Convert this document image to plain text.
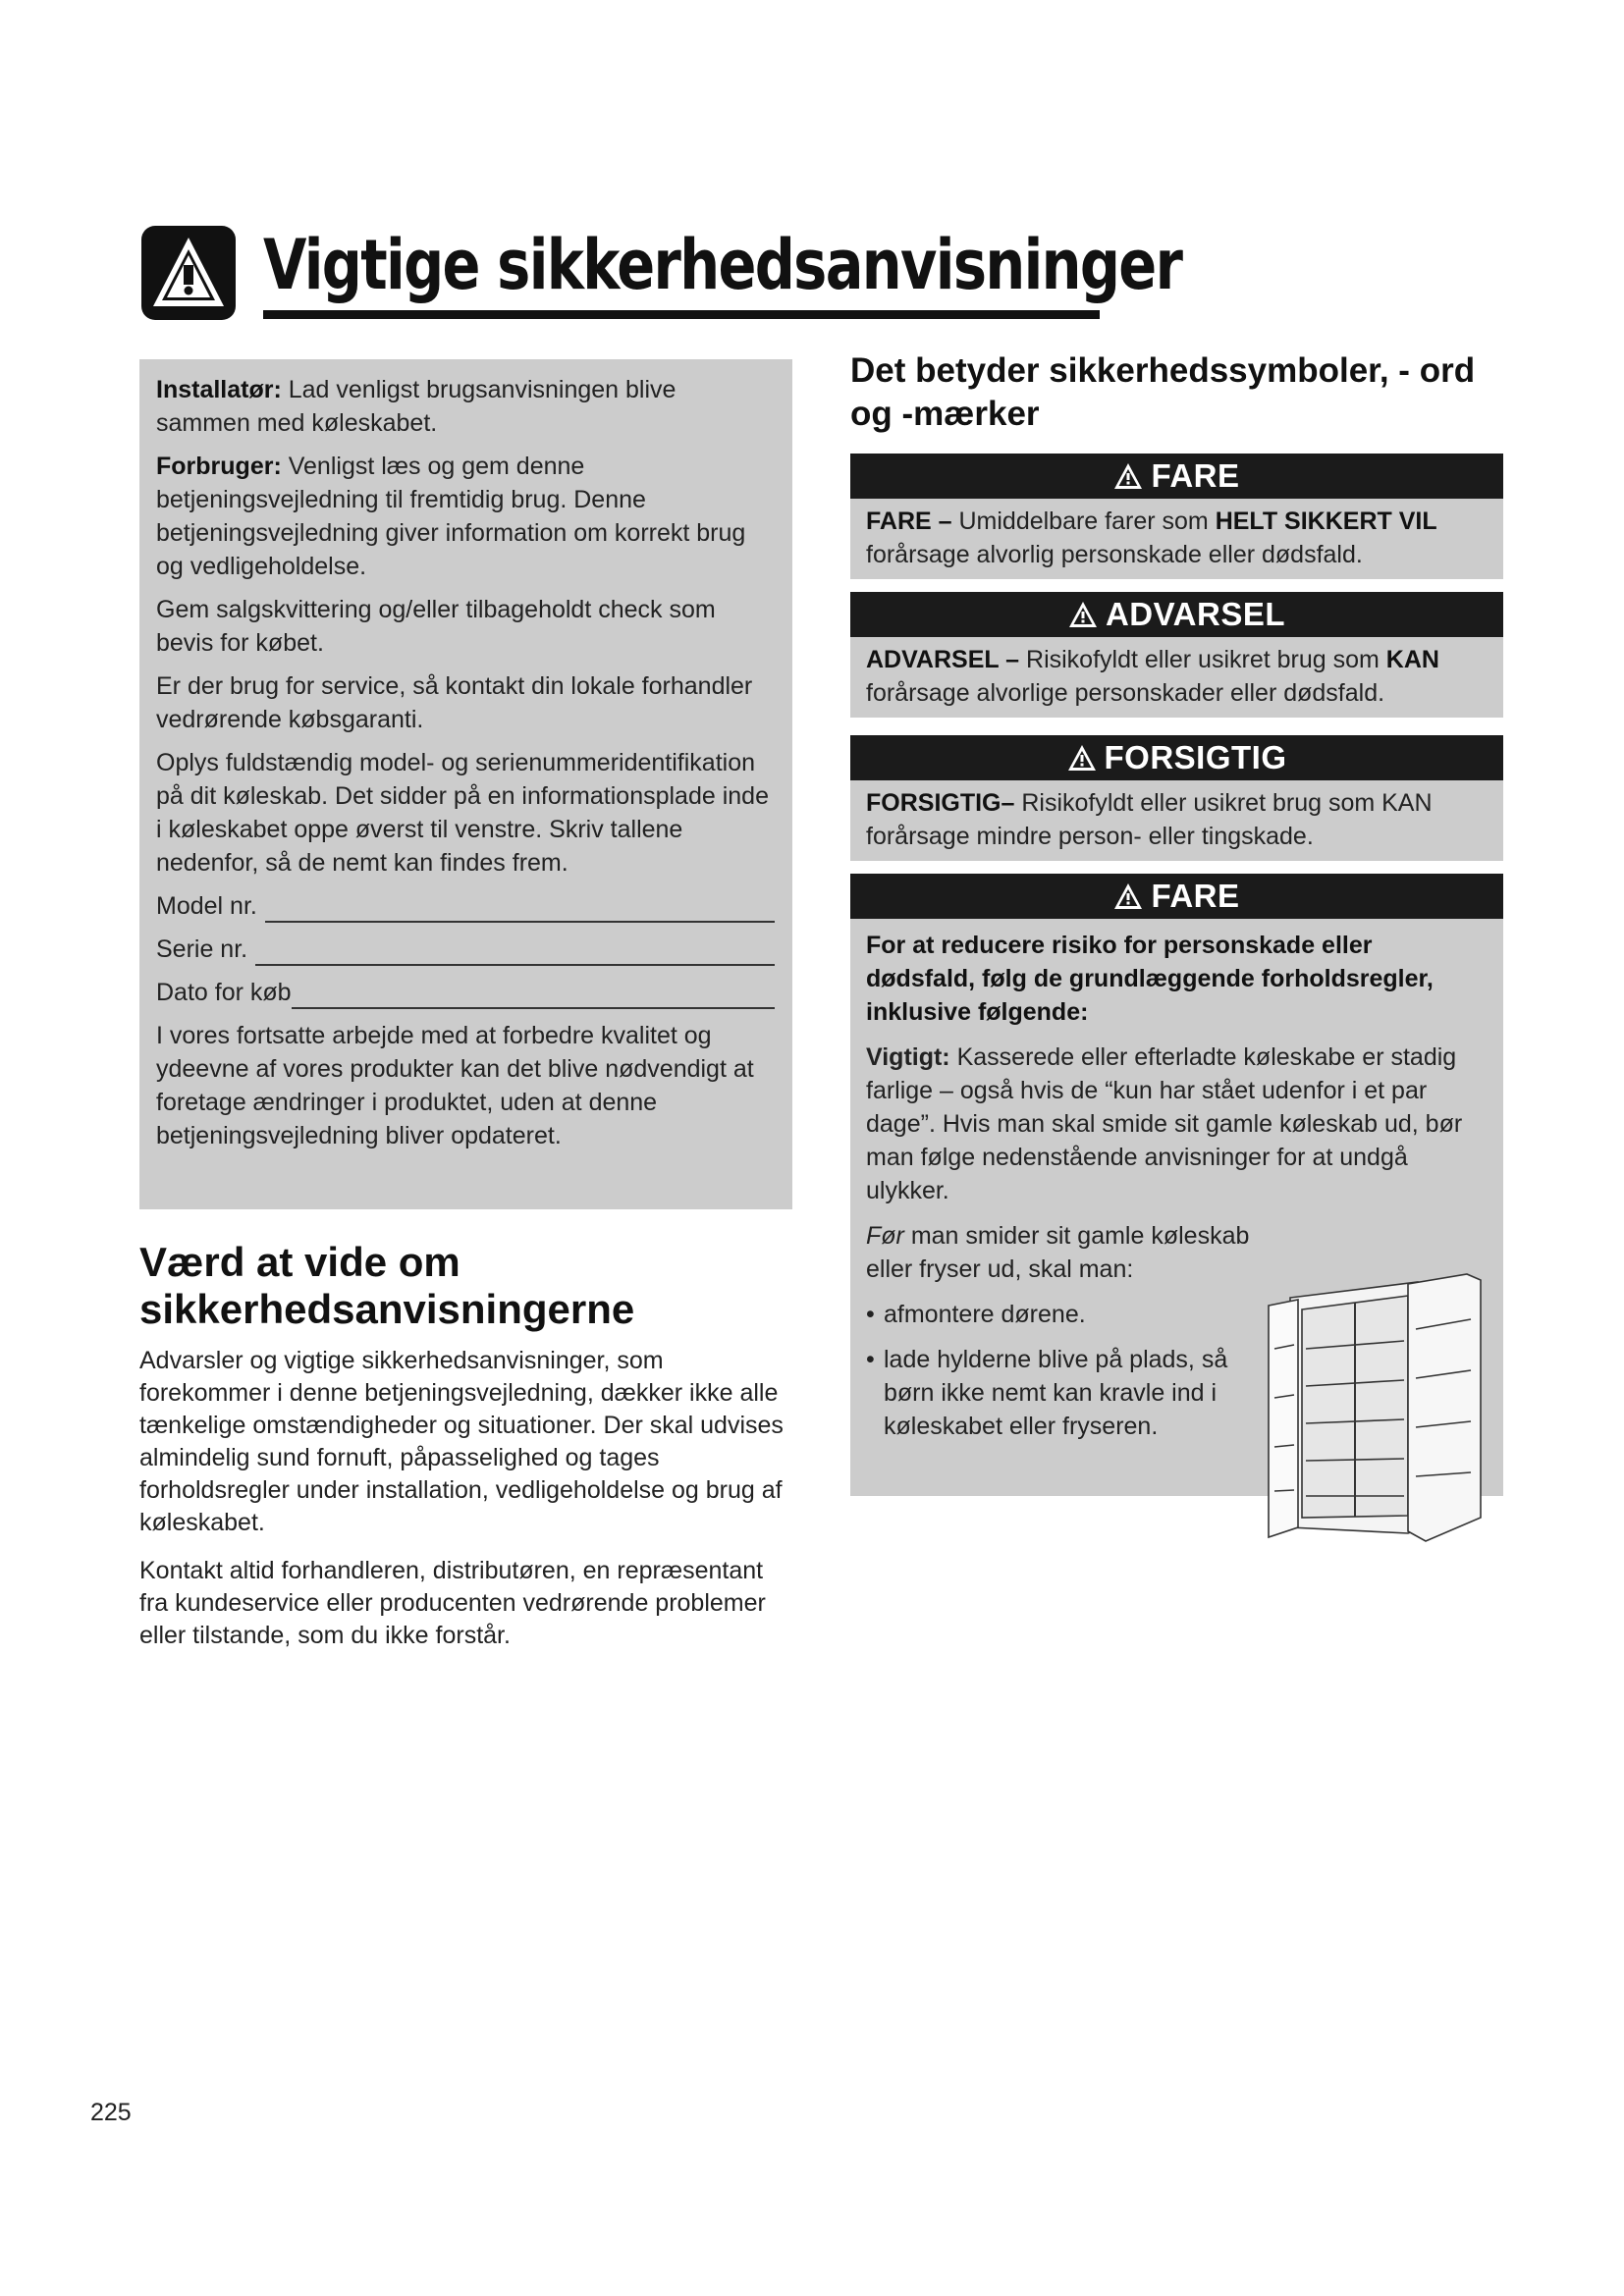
Vigtige sikkerhedsanvisninger

Installatør: Lad venligst brugsanvisningen blive sammen med køleskabet.

Forbruger: Venligst læs og gem denne betjeningsvejledning til fremtidig brug. Denne betjeningsvejledning giver information om korrekt brug og vedligeholdelse.

Gem salgskvittering og/eller tilbageholdt check som bevis for købet.

Er der brug for service, så kontakt din lokale forhandler vedrørende købsgaranti.

Oplys fuldstændig model- og serienummeridentifikation på dit køleskab. Det sidder på en informationsplade inde i køleskabet oppe øverst til venstre. Skriv tallene nedenfor, så de nemt kan findes frem.

Model nr.
Serie nr.
Dato for køb

I vores fortsatte arbejde med at forbedre kvalitet og ydeevne af vores produkter kan det blive nødvendigt at foretage ændringer i produktet, uden at denne betjeningsvejledning bliver opdateret.

Værd at vide om sikkerhedsanvisningerne

Advarsler og vigtige sikkerhedsanvisninger, som forekommer i denne betjeningsvejledning, dækker ikke alle tænkelige omstændigheder og situationer. Der skal udvises almindelig sund fornuft, påpasselighed og tages forholdsregler under installation, vedligeholdelse og brug af køleskabet.

Kontakt altid forhandleren, distributøren, en repræsentant fra kundeservice eller producenten vedrørende problemer eller tilstande, som du ikke forstår.

Det betyder sikkerhedssymboler, - ord og -mærker
FARE
FARE – Umiddelbare farer som HELT SIKKERT VIL forårsage alvorlig personskade eller dødsfald.
ADVARSEL
ADVARSEL – Risikofyldt eller usikret brug som KAN forårsage alvorlige personskader eller dødsfald.
FORSIGTIG
FORSIGTIG– Risikofyldt eller usikret brug som KAN forårsage mindre person- eller tingskade.
FARE

For at reducere risiko for personskade eller dødsfald, følg de grundlæggende forholdsregler, inklusive følgende:

Vigtigt: Kasserede eller efterladte køleskabe er stadig farlige – også hvis de “kun har stået udenfor i et par dage”. Hvis man skal smide sit gamle køleskab ud, bør man følge nedenstående anvisninger for at undgå ulykker.

Før man smider sit gamle køleskab eller fryser ud, skal man:

• afmontere dørene.
• lade hylderne blive på plads, så børn ikke nemt kan kravle ind i køleskabet eller fryseren.
225
